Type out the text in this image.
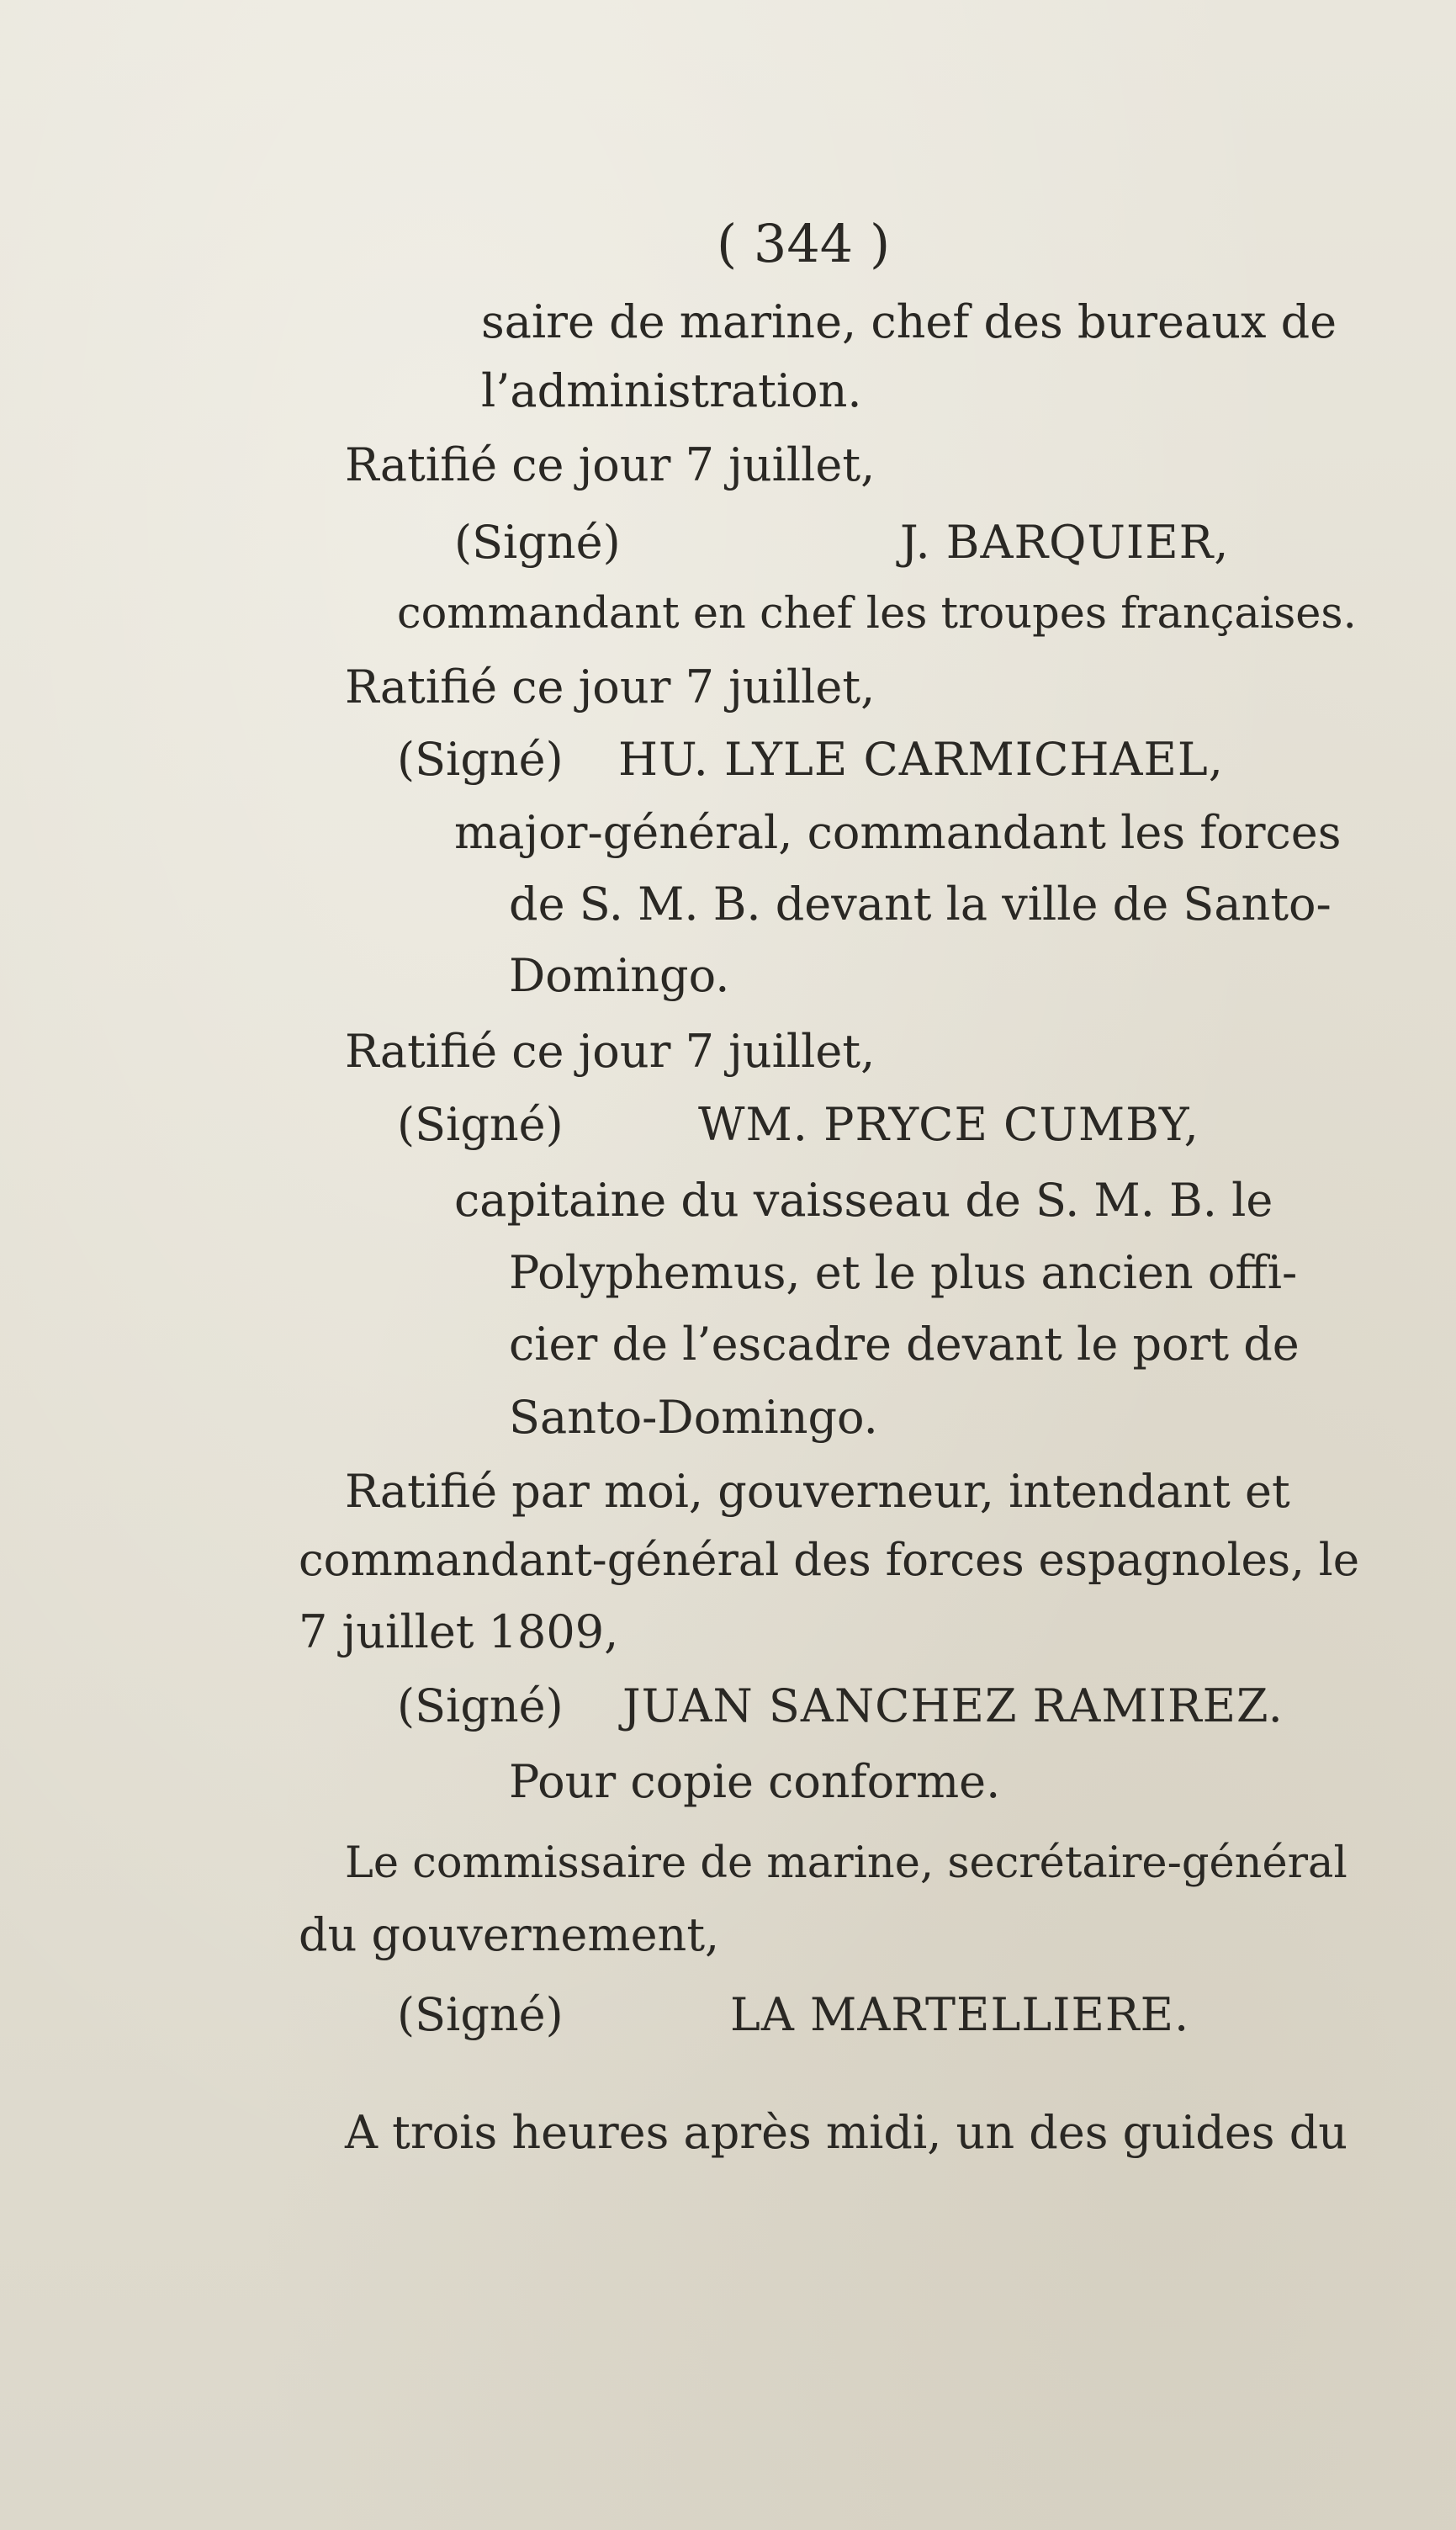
( 344 )
saire de marine, chef des bureaux de
l’administration.
Ratifié ce jour 7 juillet,
(Signé)	J. BARQUIER,
commandant en chef les troupes françaises.
Ratifié ce jour 7 juillet,
(Signé) HU. LYLE CARMICHAEL,
major-général, commandant les forces
de S. M. B. devant la ville de Santo-
Domingo.
Ratifié ce jour 7 juillet,
(Signé)	WM. PRYCE CUMBY,
capitaine du vaisseau de S. M. B. le
Polyphemus, et le plus ancien offi-
cier de l’escadre devant le port de
Santo-Domingo.
Ratifié par moi, gouverneur, intendant et
commandant-général des forces espagnoles, le
7 juillet 1809,
(Signé) JUAN SANCHEZ RAMIREZ.
Pour copie conforme.
Le commissaire de marine, secrétaire-général
du gouvernement,
(Signé)	LA MARTELLIERE.
A trois heures après midi, un des guides du
